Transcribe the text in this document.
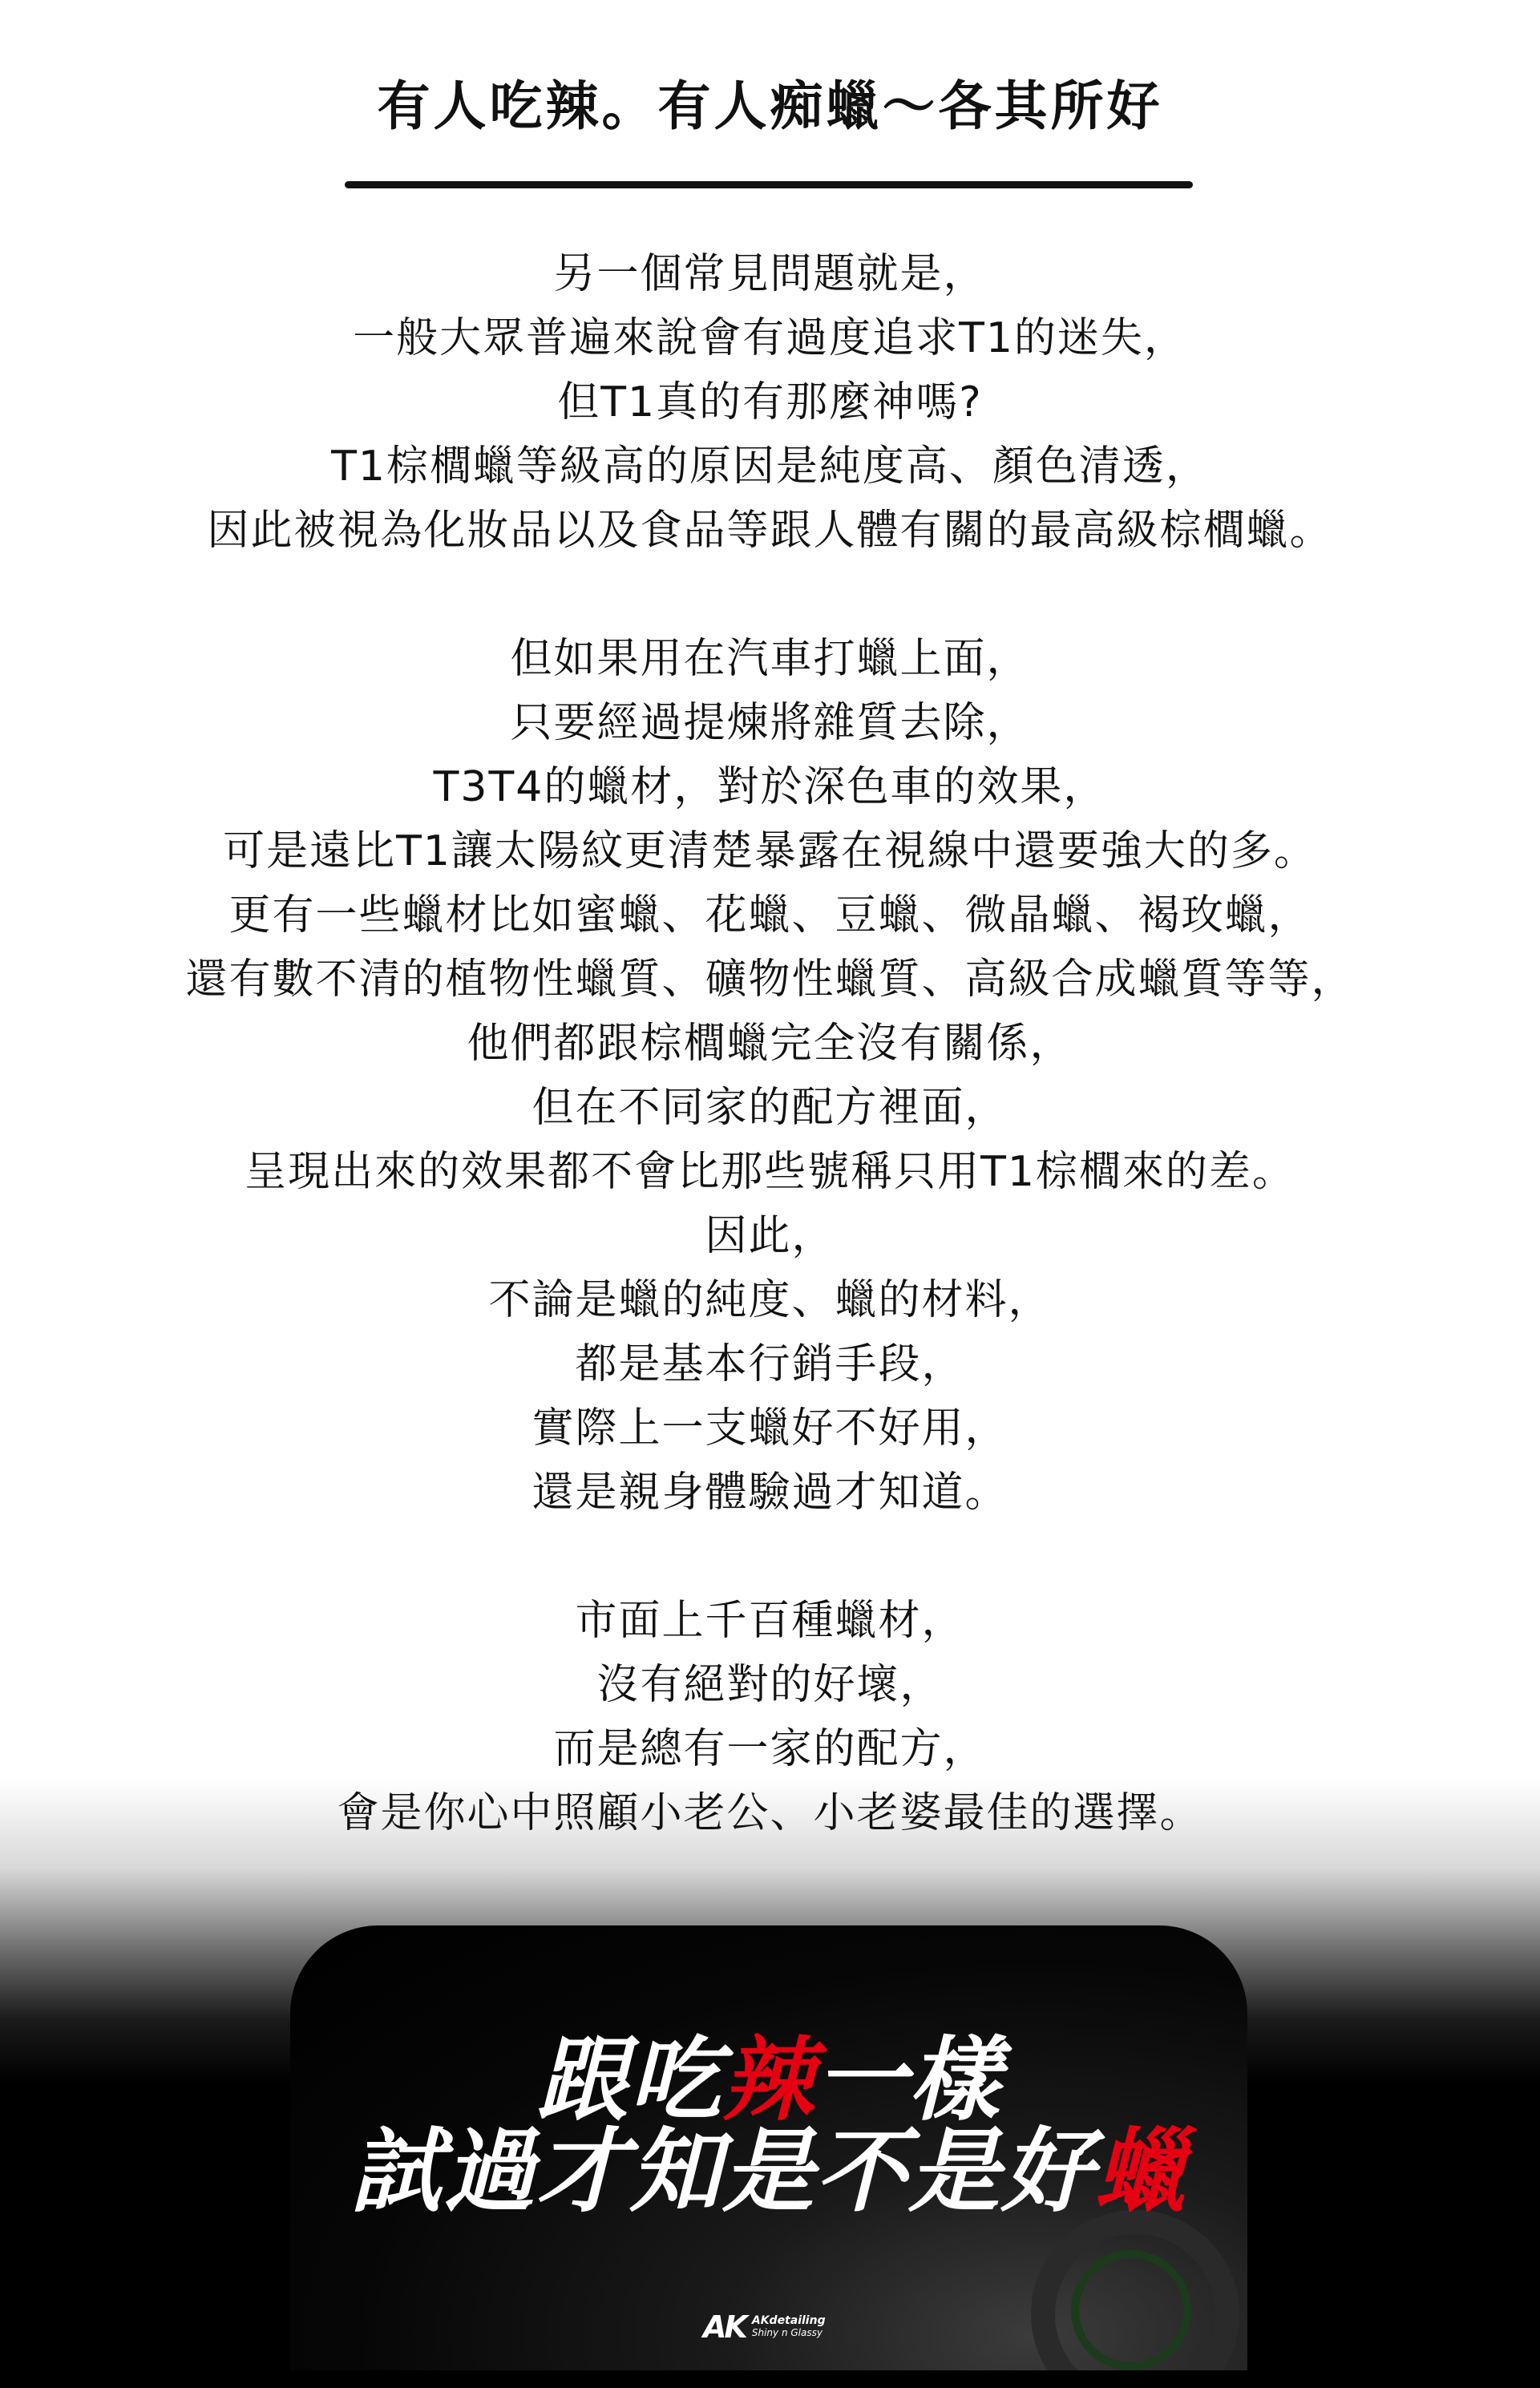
有人吃辣。有人痴蠟～各其所好
另一個常見問題就是，
一般大眾普遍來說會有過度追求T1的迷失，
但T1真的有那麼神嗎?
T1棕櫚蠟等級高的原因是純度高、顏色清透，
因此被視為化妝品以及食品等跟人體有關的最高級棕櫚蠟。
但如果用在汽車打蠟上面，
只要經過提煉將雜質去除，
T3T4的蠟材，對於深色車的效果，
可是遠比T1讓太陽紋更清楚暴露在視線中還要強大的多。
更有一些蠟材比如蜜蠟、花蠟、豆蠟、微晶蠟、褐玫蠟，
還有數不清的植物性蠟質、礦物性蠟質、高級合成蠟質等等，
他們都跟棕櫚蠟完全沒有關係，
但在不同家的配方裡面，
呈現出來的效果都不會比那些號稱只用T1棕櫚來的差。
因此，
不論是蠟的純度、蠟的材料，
都是基本行銷手段，
實際上一支蠟好不好用，
還是親身體驗過才知道。
市面上千百種蠟材，
沒有絕對的好壞，
而是總有一家的配方，
會是你心中照顧小老公、小老婆最佳的選擇。
跟吃辣一樣
試過才知是不是好蠟
AK AKdetailing
Shiny n Glassy
